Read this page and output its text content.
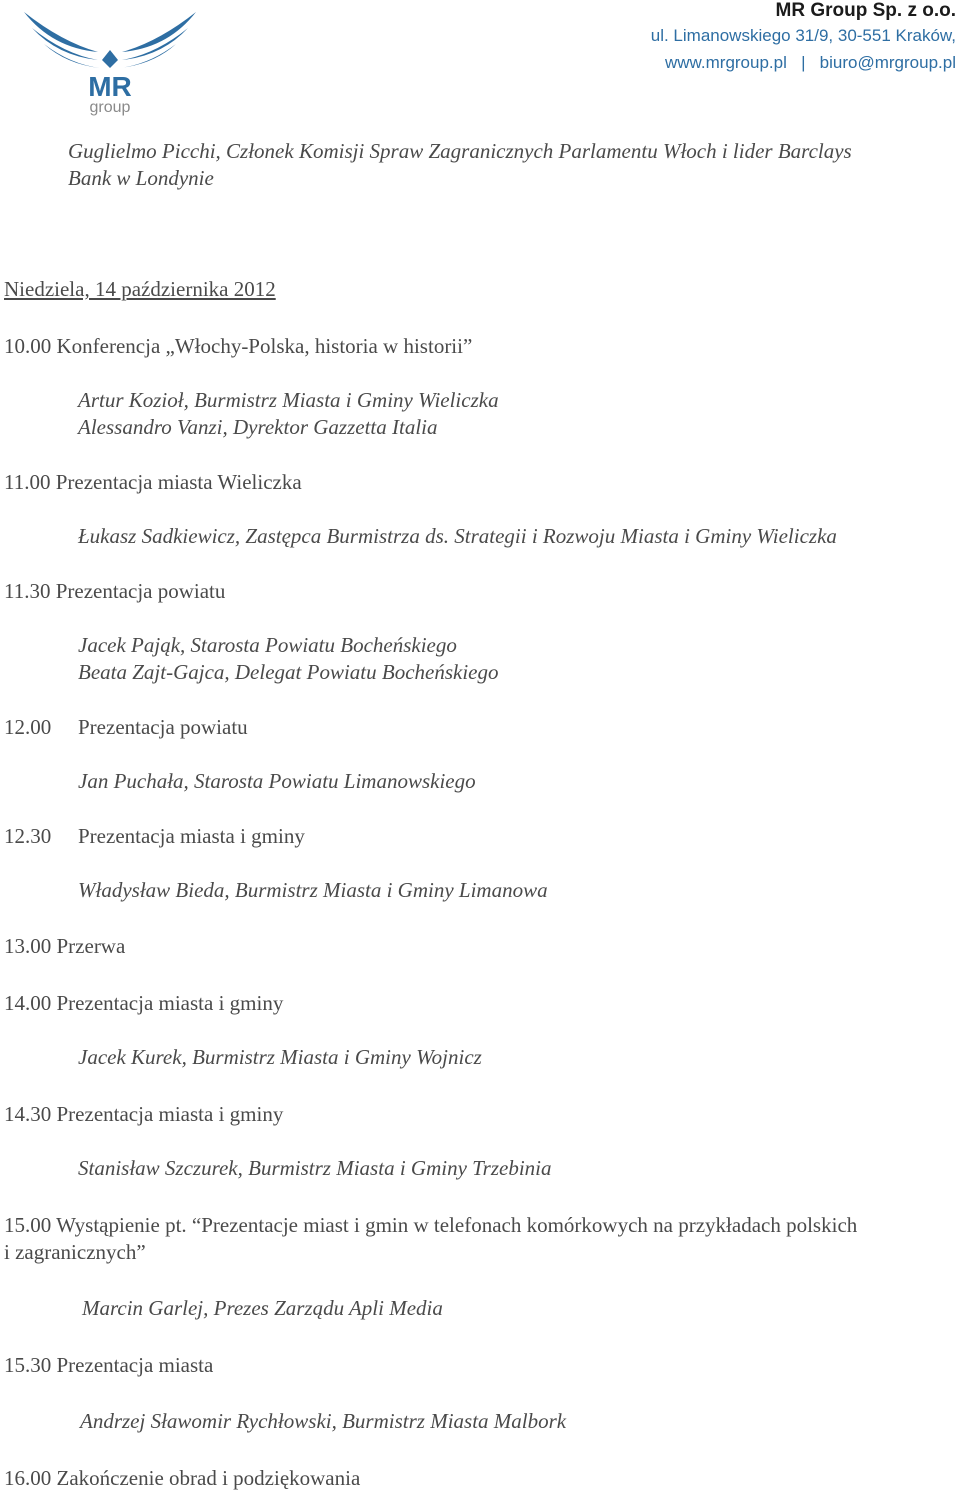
MR
group
MR Group Sp. z o.o.
ul. Limanowskiego 31/9, 30-551 Kraków,
www.mrgroup.pl | biuro@mrgroup.pl
Guglielmo Picchi, Członek Komisji Spraw Zagranicznych Parlamentu Włoch i lider Barclays
Bank w Londynie
Niedziela, 14 października 2012
10.00 Konferencja „Włochy-Polska, historia w historii”
Artur Kozioł, Burmistrz Miasta i Gminy Wieliczka
Alessandro Vanzi, Dyrektor Gazzetta Italia
11.00 Prezentacja miasta Wieliczka
Łukasz Sadkiewicz, Zastępca Burmistrza ds. Strategii i Rozwoju Miasta i Gminy Wieliczka
11.30 Prezentacja powiatu
Jacek Pająk, Starosta Powiatu Bocheńskiego
Beata Zajt-Gajca, Delegat Powiatu Bocheńskiego
12.00 Prezentacja powiatu
Jan Puchała, Starosta Powiatu Limanowskiego
12.30 Prezentacja miasta i gminy
Władysław Bieda, Burmistrz Miasta i Gminy Limanowa
13.00 Przerwa
14.00 Prezentacja miasta i gminy
Jacek Kurek, Burmistrz Miasta i Gminy Wojnicz
14.30 Prezentacja miasta i gminy
Stanisław Szczurek, Burmistrz Miasta i Gminy Trzebinia
15.00 Wystąpienie pt. “Prezentacje miast i gmin w telefonach komórkowych na przykładach polskich
i zagranicznych”
Marcin Garlej, Prezes Zarządu Apli Media
15.30 Prezentacja miasta
Andrzej Sławomir Rychłowski, Burmistrz Miasta Malbork
16.00 Zakończenie obrad i podziękowania
